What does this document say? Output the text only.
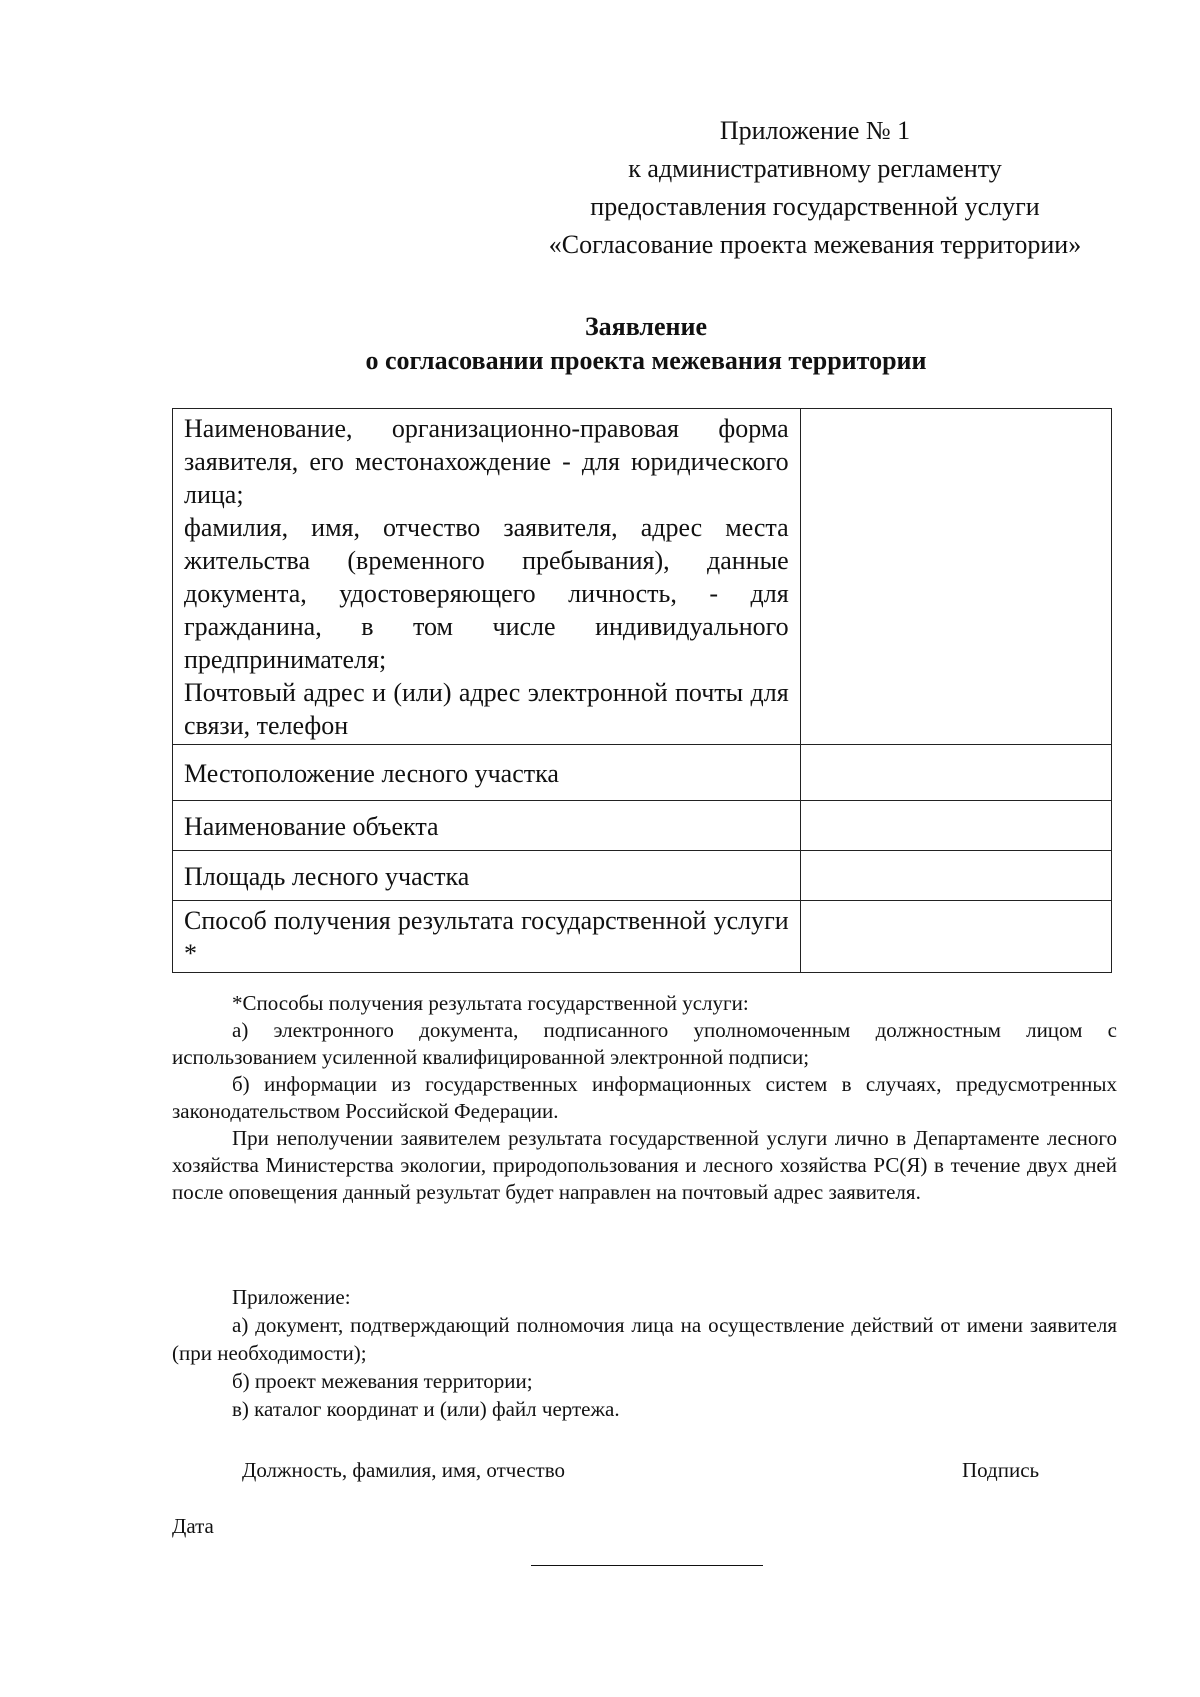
Приложение № 1
к административному регламенту
предоставления государственной услуги
«Согласование проекта межевания территории»
Заявление
о согласовании проекта межевания территории

Наименование, организационно-правовая форма заявителя, его местонахождение - для юридического лица;

фамилия, имя, отчество заявителя, адрес места жительства (временного пребывания), данные документа, удостоверяющего личность, - для гражданина, в том числе индивидуального предпринимателя;

Почтовый адрес и (или) адрес электронной почты для связи, телефон	

Местоположение лесного участка	

Наименование объекта	

Площадь лесного участка	

Способ получения результата государственной услуги *	

*Способы получения результата государственной услуги:

а) электронного документа, подписанного уполномоченным должностным лицом с использованием усиленной квалифицированной электронной подписи;

б) информации из государственных информационных систем в случаях, предусмотренных законодательством Российской Федерации.

При неполучении заявителем результата государственной услуги лично в Департаменте лесного хозяйства Министерства экологии, природопользования и лесного хозяйства РС(Я) в течение двух дней после оповещения данный результат будет направлен на почтовый адрес заявителя.

Приложение:

а) документ, подтверждающий полномочия лица на осуществление действий от имени заявителя (при необходимости);

б) проект межевания территории;

в) каталог координат и (или) файл чертежа.

Должность, фамилия, имя, отчество	Подпись
Дата
